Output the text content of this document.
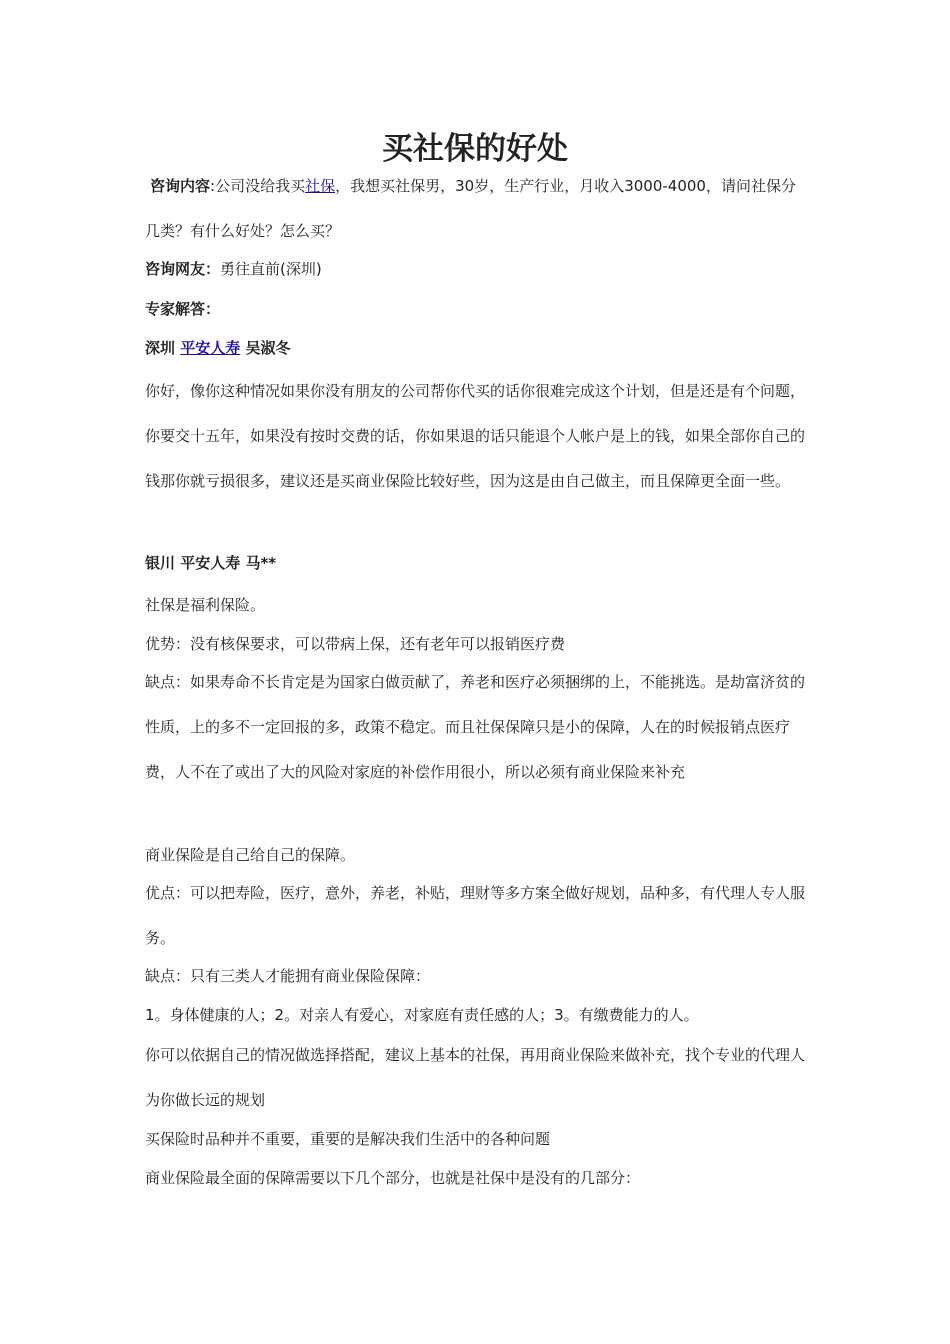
买社保的好处

咨询内容:公司没给我买社保，我想买社保男，30岁，生产行业，月收入3000-4000，请问社保分几类？有什么好处？怎么买？

咨询网友：勇往直前(深圳)

专家解答：

深圳 平安人寿 吴淑冬

你好，像你这种情况如果你没有朋友的公司帮你代买的话你很难完成这个计划，但是还是有个问题，你要交十五年，如果没有按时交费的话，你如果退的话只能退个人帐户是上的钱，如果全部你自己的钱那你就亏损很多，建议还是买商业保险比较好些，因为这是由自己做主，而且保障更全面一些。

银川 平安人寿 马**

社保是福利保险。

优势：没有核保要求，可以带病上保，还有老年可以报销医疗费

缺点：如果寿命不长肯定是为国家白做贡献了，养老和医疗必须捆绑的上，不能挑选。是劫富济贫的性质，上的多不一定回报的多，政策不稳定。而且社保保障只是小的保障，人在的时候报销点医疗费，人不在了或出了大的风险对家庭的补偿作用很小，所以必须有商业保险来补充

商业保险是自己给自己的保障。

优点：可以把寿险，医疗，意外，养老，补贴，理财等多方案全做好规划，品种多，有代理人专人服务。

缺点：只有三类人才能拥有商业保险保障：

1。身体健康的人；2。对亲人有爱心，对家庭有责任感的人；3。有缴费能力的人。

你可以依据自己的情况做选择搭配，建议上基本的社保，再用商业保险来做补充，找个专业的代理人为你做长远的规划

买保险时品种并不重要，重要的是解决我们生活中的各种问题

商业保险最全面的保障需要以下几个部分，也就是社保中是没有的几部分：
